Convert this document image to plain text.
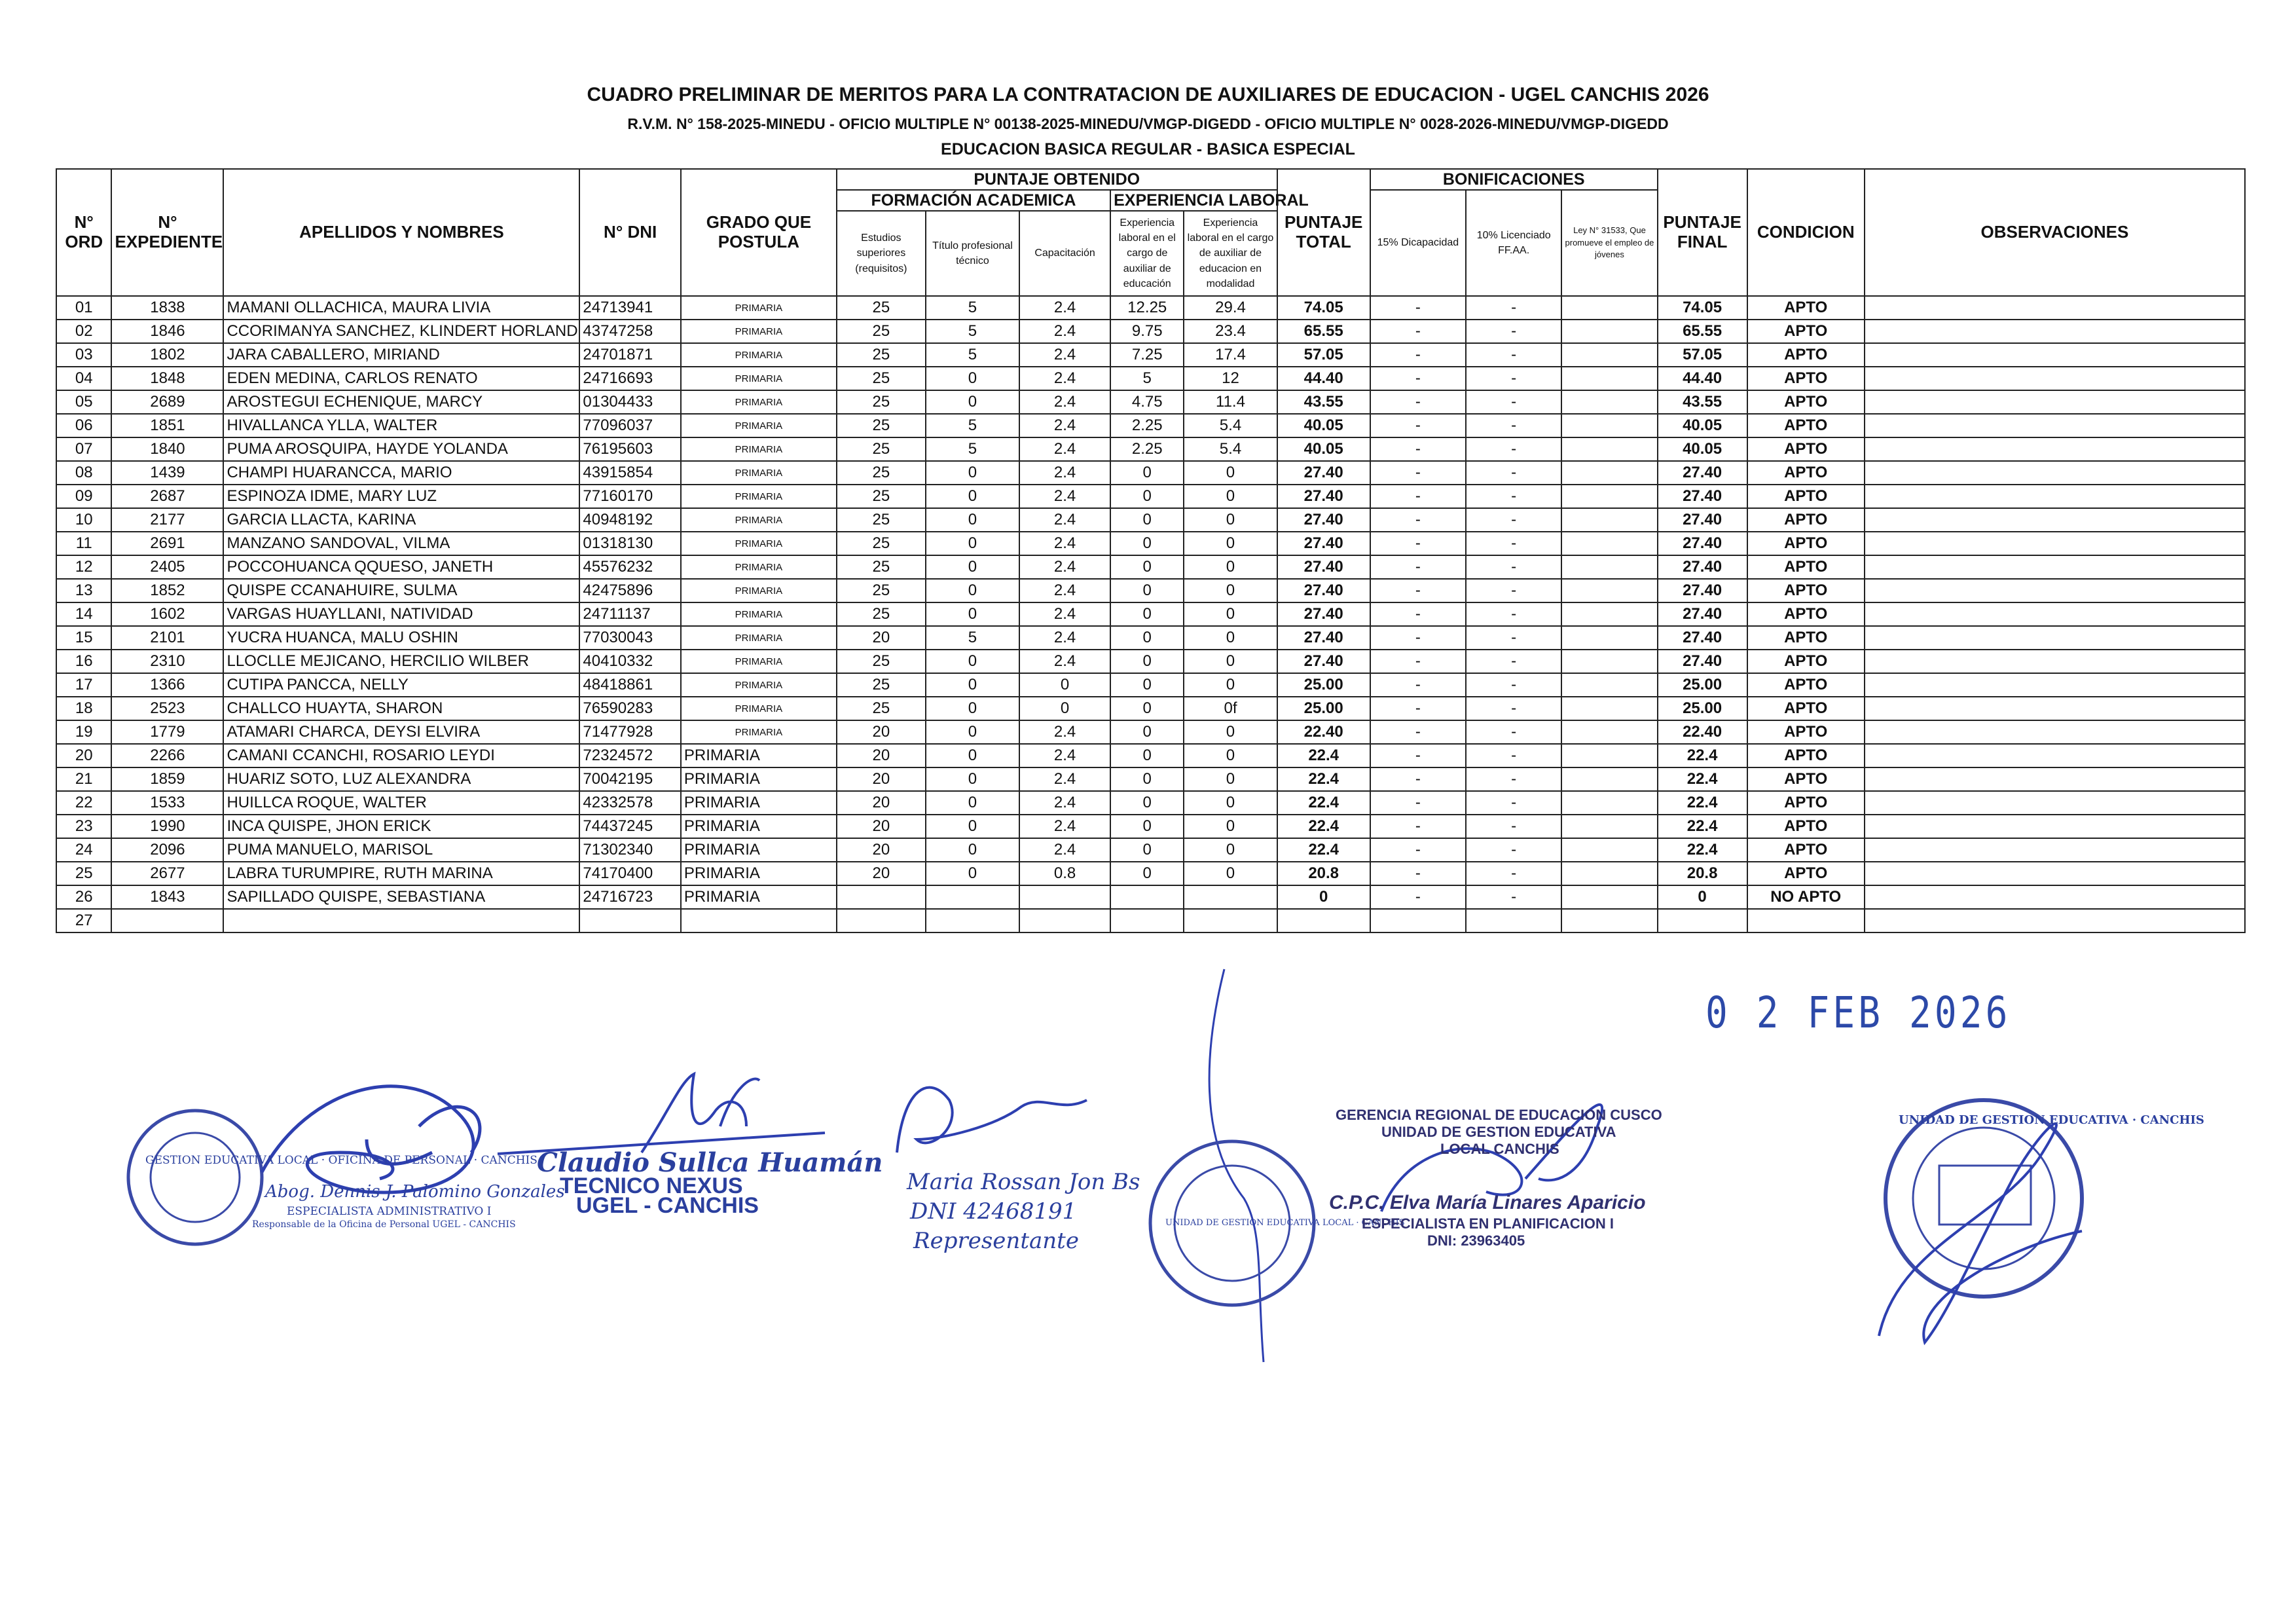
CUADRO PRELIMINAR DE MERITOS PARA LA CONTRATACION DE AUXILIARES DE EDUCACION - UGEL CANCHIS 2026
R.V.M. N° 158-2025-MINEDU - OFICIO MULTIPLE N° 00138-2025-MINEDU/VMGP-DIGEDD - OFICIO MULTIPLE N° 0028-2026-MINEDU/VMGP-DIGEDD
EDUCACION BASICA REGULAR - BASICA ESPECIAL
N° ORD	N° EXPEDIENTE	APELLIDOS Y NOMBRES	N° DNI	GRADO QUE POSTULA	PUNTAJE OBTENIDO					PUNTAJE TOTAL	BONIFICACIONES			PUNTAJE FINAL	CONDICION	OBSERVACIONES
					FORMACIÓN ACADEMICA			EXPERIENCIA LABORAL			15% Dicapacidad	10% Licenciado FF.AA.	Ley N° 31533, Que promueve el empleo de jóvenes			
					Estudios superiores (requisitos)	Título profesional técnico	Capacitación	Experiencia laboral en el cargo de auxiliar de educación	Experiencia laboral en el cargo de auxiliar de educacion en modalidad							
01	1838	MAMANI OLLACHICA, MAURA LIVIA	24713941	PRIMARIA	25	5	2.4	12.25	29.4	74.05	-	-		74.05	APTO	
02	1846	CCORIMANYA SANCHEZ, KLINDERT HORLAND	43747258	PRIMARIA	25	5	2.4	9.75	23.4	65.55	-	-		65.55	APTO	
03	1802	JARA CABALLERO, MIRIAND	24701871	PRIMARIA	25	5	2.4	7.25	17.4	57.05	-	-		57.05	APTO	
04	1848	EDEN MEDINA, CARLOS RENATO	24716693	PRIMARIA	25	0	2.4	5	12	44.40	-	-		44.40	APTO	
05	2689	AROSTEGUI ECHENIQUE, MARCY	01304433	PRIMARIA	25	0	2.4	4.75	11.4	43.55	-	-		43.55	APTO	
06	1851	HIVALLANCA YLLA, WALTER	77096037	PRIMARIA	25	5	2.4	2.25	5.4	40.05	-	-		40.05	APTO	
07	1840	PUMA AROSQUIPA, HAYDE YOLANDA	76195603	PRIMARIA	25	5	2.4	2.25	5.4	40.05	-	-		40.05	APTO	
08	1439	CHAMPI HUARANCCA, MARIO	43915854	PRIMARIA	25	0	2.4	0	0	27.40	-	-		27.40	APTO	
09	2687	ESPINOZA IDME, MARY LUZ	77160170	PRIMARIA	25	0	2.4	0	0	27.40	-	-		27.40	APTO	
10	2177	GARCIA LLACTA, KARINA	40948192	PRIMARIA	25	0	2.4	0	0	27.40	-	-		27.40	APTO	
11	2691	MANZANO SANDOVAL, VILMA	01318130	PRIMARIA	25	0	2.4	0	0	27.40	-	-		27.40	APTO	
12	2405	POCCOHUANCA QQUESO, JANETH	45576232	PRIMARIA	25	0	2.4	0	0	27.40	-	-		27.40	APTO	
13	1852	QUISPE CCANAHUIRE, SULMA	42475896	PRIMARIA	25	0	2.4	0	0	27.40	-	-		27.40	APTO	
14	1602	VARGAS HUAYLLANI, NATIVIDAD	24711137	PRIMARIA	25	0	2.4	0	0	27.40	-	-		27.40	APTO	
15	2101	YUCRA HUANCA, MALU OSHIN	77030043	PRIMARIA	20	5	2.4	0	0	27.40	-	-		27.40	APTO	
16	2310	LLOCLLE MEJICANO, HERCILIO WILBER	40410332	PRIMARIA	25	0	2.4	0	0	27.40	-	-		27.40	APTO	
17	1366	CUTIPA PANCCA, NELLY	48418861	PRIMARIA	25	0	0	0	0	25.00	-	-		25.00	APTO	
18	2523	CHALLCO HUAYTA, SHARON	76590283	PRIMARIA	25	0	0	0	0f	25.00	-	-		25.00	APTO	
19	1779	ATAMARI CHARCA, DEYSI ELVIRA	71477928	PRIMARIA	20	0	2.4	0	0	22.40	-	-		22.40	APTO	
20	2266	CAMANI CCANCHI, ROSARIO LEYDI	72324572	PRIMARIA	20	0	2.4	0	0	22.4	-	-		22.4	APTO	
21	1859	HUARIZ SOTO, LUZ ALEXANDRA	70042195	PRIMARIA	20	0	2.4	0	0	22.4	-	-		22.4	APTO	
22	1533	HUILLCA ROQUE, WALTER	42332578	PRIMARIA	20	0	2.4	0	0	22.4	-	-		22.4	APTO	
23	1990	INCA QUISPE, JHON ERICK	74437245	PRIMARIA	20	0	2.4	0	0	22.4	-	-		22.4	APTO	
24	2096	PUMA MANUELO, MARISOL	71302340	PRIMARIA	20	0	2.4	0	0	22.4	-	-		22.4	APTO	
25	2677	LABRA TURUMPIRE, RUTH MARINA	74170400	PRIMARIA	20	0	0.8	0	0	20.8	-	-		20.8	APTO	
26	1843	SAPILLADO QUISPE, SEBASTIANA	24716723	PRIMARIA						0	-	-		0	NO APTO	
27																
0 2 FEB 2026
GESTION EDUCATIVA LOCAL · OFICINA DE PERSONAL · CANCHIS
Abog. Dennis J. Palomino Gonzales
ESPECIALISTA ADMINISTRATIVO I
Responsable de la Oficina de Personal UGEL - CANCHIS
Claudio Sullca Huamán
TECNICO NEXUS
UGEL - CANCHIS
Maria Rossan Jon Bs
DNI 42468191
Representante
UNIDAD DE GESTION EDUCATIVA LOCAL · CANCHIS
GERENCIA REGIONAL DE EDUCACION CUSCO
UNIDAD DE GESTION EDUCATIVA
LOCAL CANCHIS
C.P.C. Elva María Linares Aparicio
ESPECIALISTA EN PLANIFICACION I
DNI: 23963405
UNIDAD DE GESTION EDUCATIVA · CANCHIS
